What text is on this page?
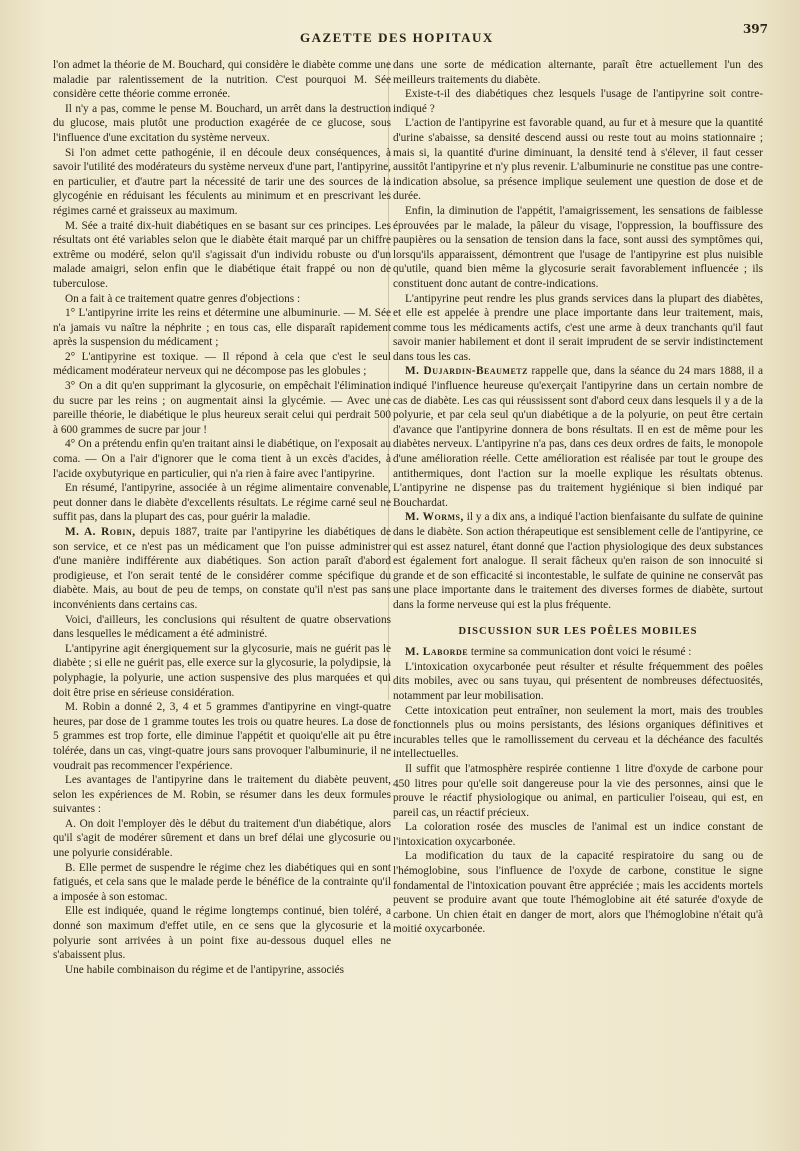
GAZETTE DES HOPITAUX
397

l'on admet la théorie de M. Bouchard, qui considère le diabète comme une maladie par ralentissement de la nutrition. C'est pourquoi M. Sée considère cette théorie comme erronée.

Il n'y a pas, comme le pense M. Bouchard, un arrêt dans la destruction du glucose, mais plutôt une production exagérée de ce glucose, sous l'influence d'une excitation du système nerveux.

Si l'on admet cette pathogénie, il en découle deux conséquences, à savoir l'utilité des modérateurs du système nerveux d'une part, l'antipyrine, en particulier, et d'autre part la nécessité de tarir une des sources de la glycogénie en réduisant les féculents au minimum et en prescrivant les régimes carné et graisseux au maximum.

M. Sée a traité dix-huit diabétiques en se basant sur ces principes. Les résultats ont été variables selon que le diabète était marqué par un chiffre extrême ou modéré, selon qu'il s'agissait d'un individu robuste ou d'un malade amaigri, selon enfin que le diabétique était frappé ou non de tuberculose.

On a fait à ce traitement quatre genres d'objections :

1° L'antipyrine irrite les reins et détermine une albuminurie. — M. Sée n'a jamais vu naître la néphrite ; en tous cas, elle disparaît rapidement après la suspension du médicament ;

2° L'antipyrine est toxique. — Il répond à cela que c'est le seul médicament modérateur nerveux qui ne décompose pas les globules ;

3° On a dit qu'en supprimant la glycosurie, on empêchait l'élimination du sucre par les reins ; on augmentait ainsi la glycémie. — Avec une pareille théorie, le diabétique le plus heureux serait celui qui perdrait 500 à 600 grammes de sucre par jour !

4° On a prétendu enfin qu'en traitant ainsi le diabétique, on l'exposait au coma. — On a l'air d'ignorer que le coma tient à un excès d'acides, à l'acide oxybutyrique en particulier, qui n'a rien à faire avec l'antipyrine.

En résumé, l'antipyrine, associée à un régime alimentaire convenable, peut donner dans le diabète d'excellents résultats. Le régime carné seul ne suffit pas, dans la plupart des cas, pour guérir la maladie.

M. A. Robin, depuis 1887, traite par l'antipyrine les diabétiques de son service, et ce n'est pas un médicament que l'on puisse administrer d'une manière indifférente aux diabétiques. Son action paraît d'abord prodigieuse, et l'on serait tenté de le considérer comme spécifique du diabète. Mais, au bout de peu de temps, on constate qu'il n'est pas sans inconvénients dans certains cas.

Voici, d'ailleurs, les conclusions qui résultent de quatre observations dans lesquelles le médicament a été administré.

L'antipyrine agit énergiquement sur la glycosurie, mais ne guérit pas le diabète ; si elle ne guérit pas, elle exerce sur la glycosurie, la polydipsie, la polyphagie, la polyurie, une action suspensive des plus marquées et qui doit être prise en sérieuse considération.

M. Robin a donné 2, 3, 4 et 5 grammes d'antipyrine en vingt-quatre heures, par dose de 1 gramme toutes les trois ou quatre heures. La dose de 5 grammes est trop forte, elle diminue l'appétit et quoiqu'elle ait pu être tolérée, dans un cas, vingt-quatre jours sans provoquer l'albuminurie, il ne voudrait pas recommencer l'expérience.

Les avantages de l'antipyrine dans le traitement du diabète peuvent, selon les expériences de M. Robin, se résumer dans les deux formules suivantes :

A. On doit l'employer dès le début du traitement d'un diabétique, alors qu'il s'agit de modérer sûrement et dans un bref délai une glycosurie ou une polyurie considérable.

B. Elle permet de suspendre le régime chez les diabétiques qui en sont fatigués, et cela sans que le malade perde le bénéfice de la contrainte qu'il a imposée à son estomac.

Elle est indiquée, quand le régime longtemps continué, bien toléré, a donné son maximum d'effet utile, en ce sens que la glycosurie et la polyurie sont arrivées à un point fixe au-dessous duquel elles ne s'abaissent plus.

Une habile combinaison du régime et de l'antipyrine, associés

dans une sorte de médication alternante, paraît être actuellement l'un des meilleurs traitements du diabète.

Existe-t-il des diabétiques chez lesquels l'usage de l'antipyrine soit contre-indiqué ?

L'action de l'antipyrine est favorable quand, au fur et à mesure que la quantité d'urine s'abaisse, sa densité descend aussi ou reste tout au moins stationnaire ; mais si, la quantité d'urine diminuant, la densité tend à s'élever, il faut cesser aussitôt l'antipyrine et n'y plus revenir. L'albuminurie ne constitue pas une contre-indication absolue, sa présence implique seulement une question de dose et de durée.

Enfin, la diminution de l'appétit, l'amaigrissement, les sensations de faiblesse éprouvées par le malade, la pâleur du visage, l'oppression, la bouffissure des paupières ou la sensation de tension dans la face, sont aussi des symptômes qui, lorsqu'ils apparaissent, démontrent que l'usage de l'antipyrine est plus nuisible qu'utile, quand bien même la glycosurie serait favorablement influencée ; ils constituent donc autant de contre-indications.

L'antipyrine peut rendre les plus grands services dans la plupart des diabètes, et elle est appelée à prendre une place importante dans leur traitement, mais, comme tous les médicaments actifs, c'est une arme à deux tranchants qu'il faut savoir manier habilement et dont il serait imprudent de se servir indistinctement dans tous les cas.

M. Dujardin-Beaumetz rappelle que, dans la séance du 24 mars 1888, il a indiqué l'influence heureuse qu'exerçait l'antipyrine dans un certain nombre de cas de diabète. Les cas qui réussissent sont d'abord ceux dans lesquels il y a de la polyurie, et par cela seul qu'un diabétique a de la polyurie, on peut être certain d'avance que l'antipyrine donnera de bons résultats. Il en est de même pour les diabètes nerveux. L'antipyrine n'a pas, dans ces deux ordres de faits, le monopole d'une amélioration réelle. Cette amélioration est réalisée par tout le groupe des antithermiques, dont l'action sur la moelle explique les résultats obtenus. L'antipyrine ne dispense pas du traitement hygiénique si bien indiqué par Bouchardat.

M. Worms, il y a dix ans, a indiqué l'action bienfaisante du sulfate de quinine dans le diabète. Son action thérapeutique est sensiblement celle de l'antipyrine, ce qui est assez naturel, étant donné que l'action physiologique des deux substances est également fort analogue. Il serait fâcheux qu'en raison de son innocuité si grande et de son efficacité si incontestable, le sulfate de quinine ne conservât pas une place importante dans le traitement des diverses formes de diabète, surtout dans la forme nerveuse qui est la plus fréquente.

DISCUSSION SUR LES POÊLES MOBILES

M. Laborde termine sa communication dont voici le résumé :

L'intoxication oxycarbonée peut résulter et résulte fréquemment des poêles dits mobiles, avec ou sans tuyau, qui présentent de nombreuses défectuosités, notamment par leur mobilisation.

Cette intoxication peut entraîner, non seulement la mort, mais des troubles fonctionnels plus ou moins persistants, des lésions organiques définitives et incurables telles que le ramollissement du cerveau et la déchéance des facultés intellectuelles.

Il suffit que l'atmosphère respirée contienne 1 litre d'oxyde de carbone pour 450 litres pour qu'elle soit dangereuse pour la vie des personnes, ainsi que le prouve le réactif physiologique ou animal, en particulier l'oiseau, qui est, en pareil cas, un réactif précieux.

La coloration rosée des muscles de l'animal est un indice constant de l'intoxication oxycarbonée.

La modification du taux de la capacité respiratoire du sang ou de l'hémoglobine, sous l'influence de l'oxyde de carbone, constitue le signe fondamental de l'intoxication pouvant être appréciée ; mais les accidents mortels peuvent se produire avant que toute l'hémoglobine ait été saturée d'oxyde de carbone. Un chien était en danger de mort, alors que l'hémoglobine n'était qu'à moitié oxycarbonée.
